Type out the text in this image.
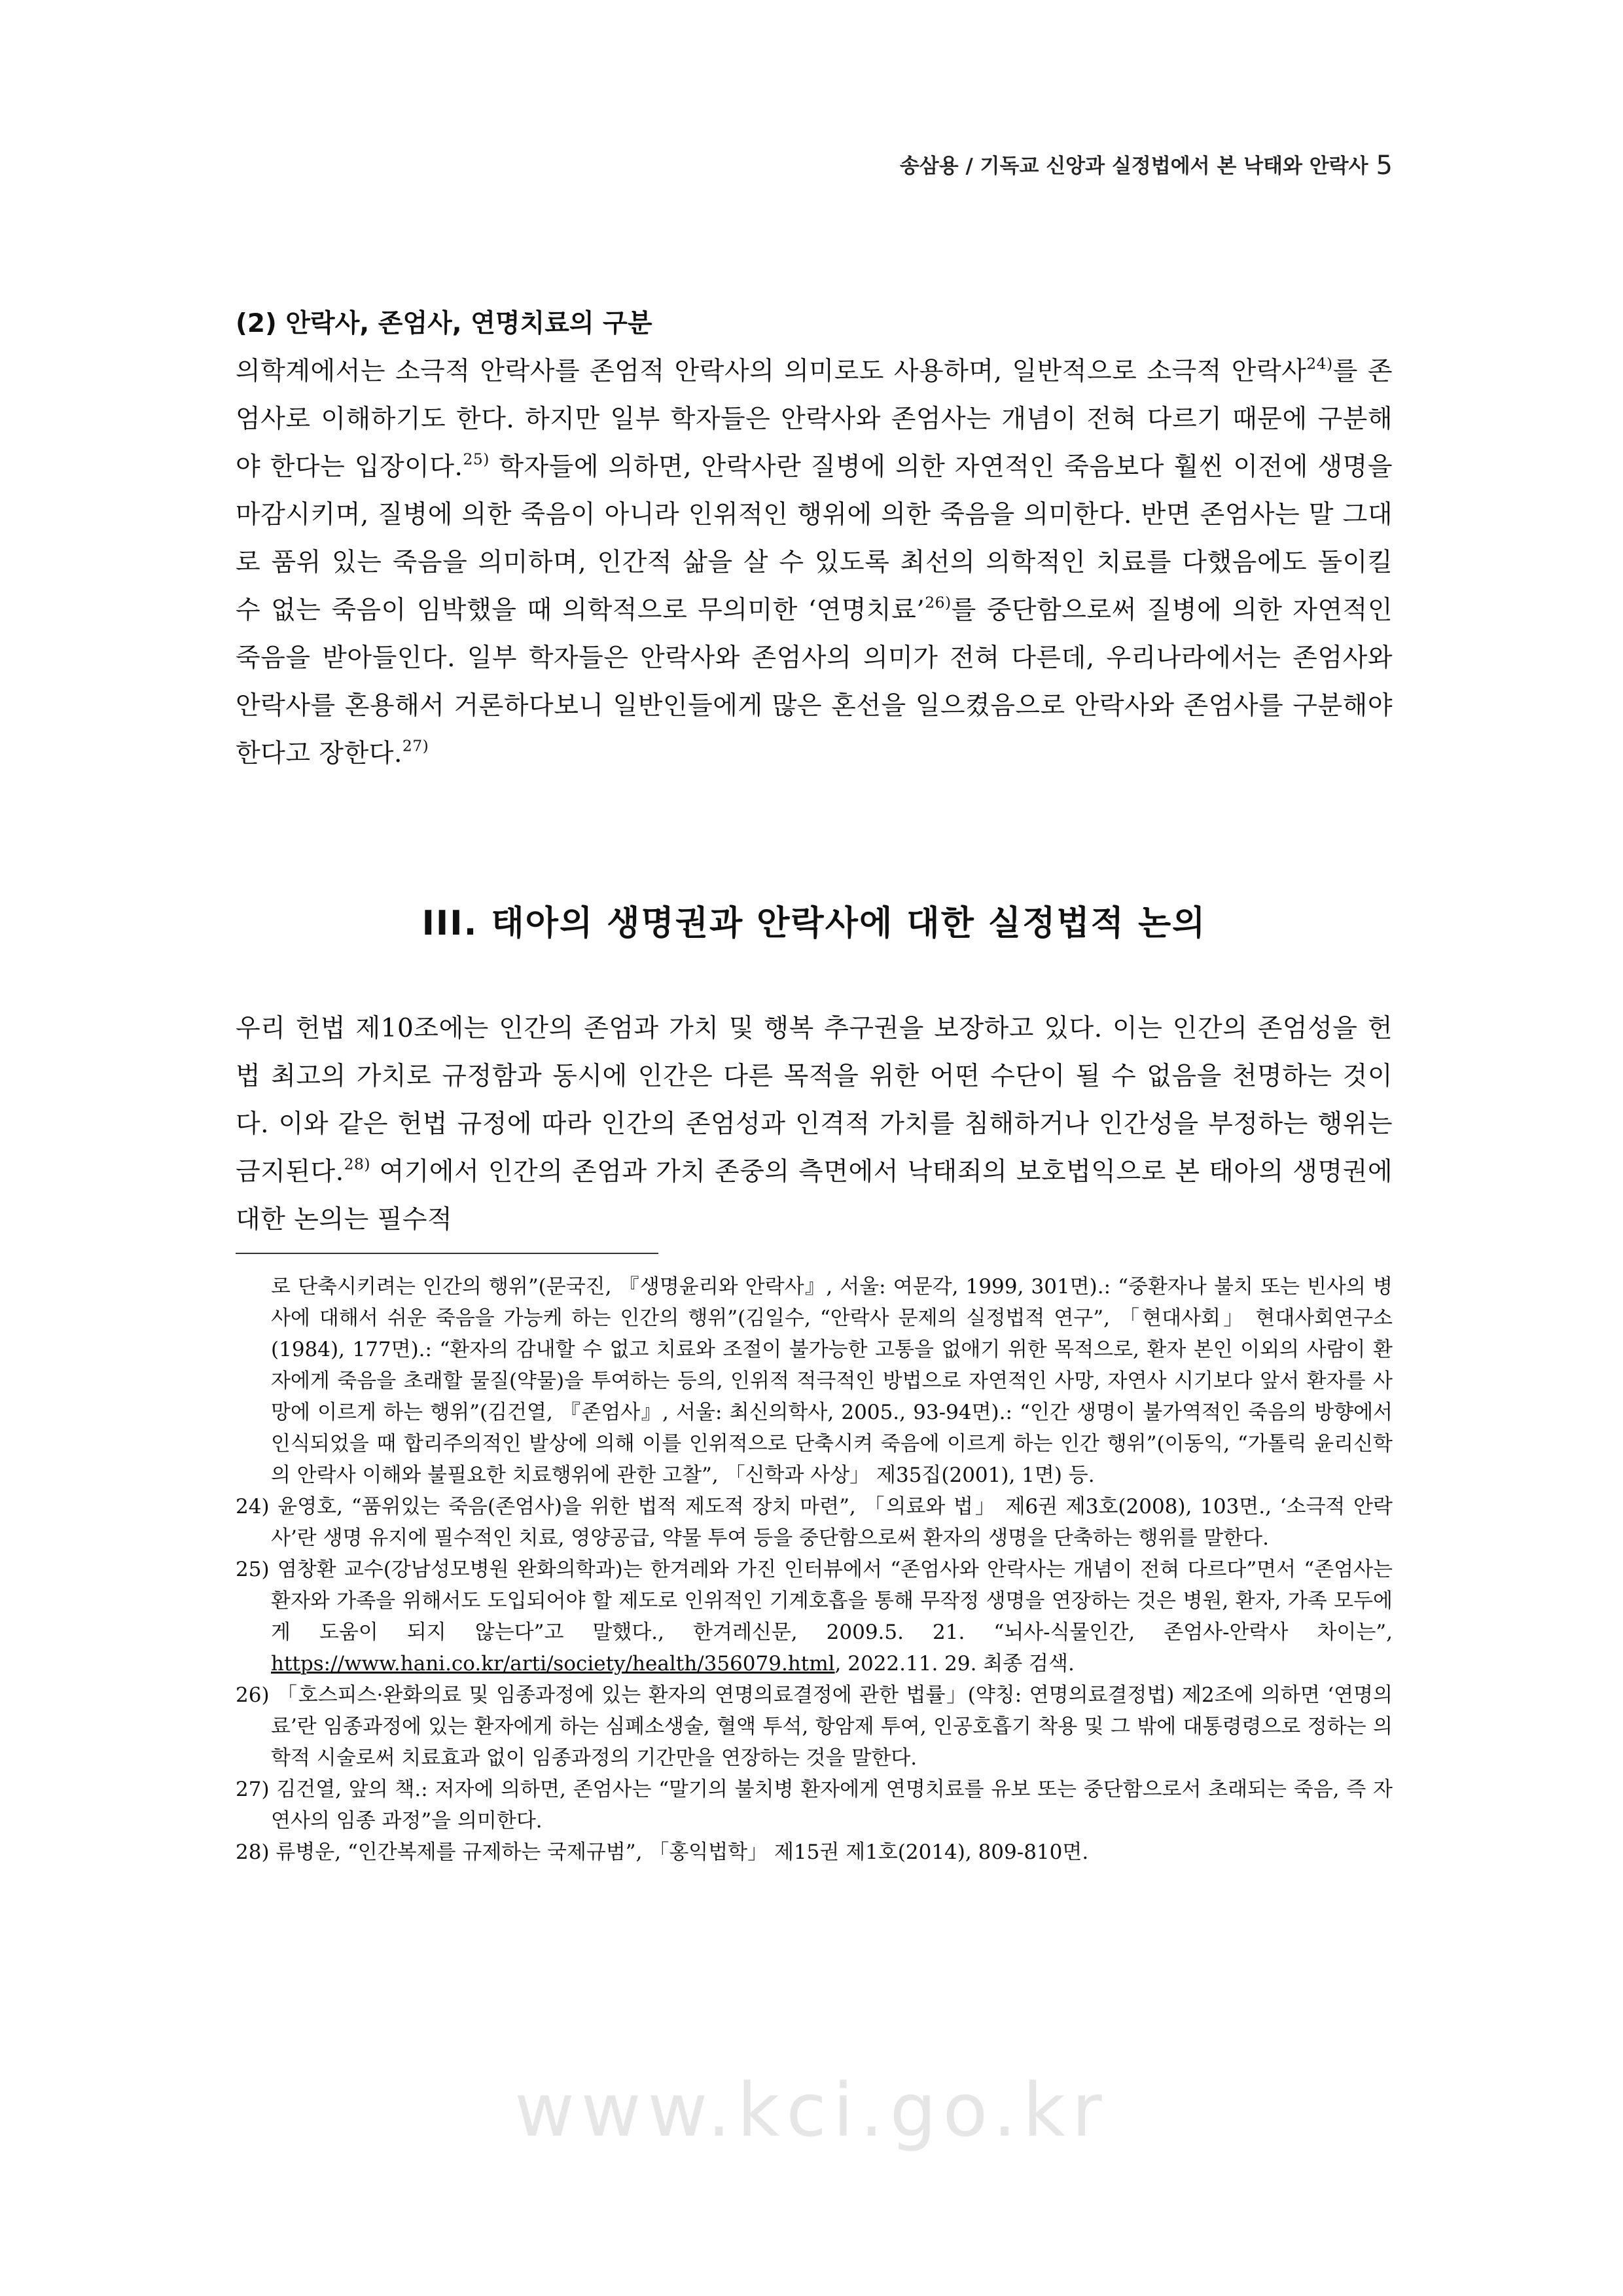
송삼용 / 기독교 신앙과 실정법에서 본 낙태와 안락사 5
(2) 안락사, 존엄사, 연명치료의 구분

의학계에서는 소극적 안락사를 존엄적 안락사의 의미로도 사용하며, 일반적으로 소극적 안락사$^{24)}$를 존엄사로 이해하기도 한다. 하지만 일부 학자들은 안락사와 존엄사는 개념이 전혀 다르기 때문에 구분해야 한다는 입장이다.$^{25)}$ 학자들에 의하면, 안락사란 질병에 의한 자연적인 죽음보다 훨씬 이전에 생명을 마감시키며, 질병에 의한 죽음이 아니라 인위적인 행위에 의한 죽음을 의미한다. 반면 존엄사는 말 그대로 품위 있는 죽음을 의미하며, 인간적 삶을 살 수 있도록 최선의 의학적인 치료를 다했음에도 돌이킬 수 없는 죽음이 임박했을 때 의학적으로 무의미한 ‘연명치료’$^{26)}$를 중단함으로써 질병에 의한 자연적인 죽음을 받아들인다. 일부 학자들은 안락사와 존엄사의 의미가 전혀 다른데, 우리나라에서는 존엄사와 안락사를 혼용해서 거론하다보니 일반인들에게 많은 혼선을 일으켰음으로 안락사와 존엄사를 구분해야 한다고 장한다.$^{27)}$

III. 태아의 생명권과 안락사에 대한 실정법적 논의

우리 헌법 제10조에는 인간의 존엄과 가치 및 행복 추구권을 보장하고 있다. 이는 인간의 존엄성을 헌법 최고의 가치로 규정함과 동시에 인간은 다른 목적을 위한 어떤 수단이 될 수 없음을 천명하는 것이다. 이와 같은 헌법 규정에 따라 인간의 존엄성과 인격적 가치를 침해하거나 인간성을 부정하는 행위는 금지된다.$^{28)}$ 여기에서 인간의 존엄과 가치 존중의 측면에서 낙태죄의 보호법익으로 본 태아의 생명권에 대한 논의는 필수적

로 단축시키려는 인간의 행위”(문국진, 『생명윤리와 안락사』, 서울: 여문각, 1999, 301면).: “중환자나 불치 또는 빈사의 병사에 대해서 쉬운 죽음을 가능케 하는 인간의 행위”(김일수, “안락사 문제의 실정법적 연구”, 「현대사회」 현대사회연구소(1984), 177면).: “환자의 감내할 수 없고 치료와 조절이 불가능한 고통을 없애기 위한 목적으로, 환자 본인 이외의 사람이 환자에게 죽음을 초래할 물질(약물)을 투여하는 등의, 인위적 적극적인 방법으로 자연적인 사망, 자연사 시기보다 앞서 환자를 사망에 이르게 하는 행위”(김건열, 『존엄사』, 서울: 최신의학사, 2005., 93-94면).: “인간 생명이 불가역적인 죽음의 방향에서 인식되었을 때 합리주의적인 발상에 의해 이를 인위적으로 단축시켜 죽음에 이르게 하는 인간 행위”(이동익, “가톨릭 윤리신학의 안락사 이해와 불필요한 치료행위에 관한 고찰”, 「신학과 사상」 제35집(2001), 1면) 등.

24) 윤영호, “품위있는 죽음(존엄사)을 위한 법적 제도적 장치 마련”, 「의료와 법」 제6권 제3호(2008), 103면., ‘소극적 안락사’란 생명 유지에 필수적인 치료, 영양공급, 약물 투여 등을 중단함으로써 환자의 생명을 단축하는 행위를 말한다.

25) 염창환 교수(강남성모병원 완화의학과)는 한겨레와 가진 인터뷰에서 “존엄사와 안락사는 개념이 전혀 다르다”면서 “존엄사는 환자와 가족을 위해서도 도입되어야 할 제도로 인위적인 기계호흡을 통해 무작정 생명을 연장하는 것은 병원, 환자, 가족 모두에게 도움이 되지 않는다”고 말했다., 한겨레신문, 2009.5. 21. “뇌사-식물인간, 존엄사-안락사 차이는”, https://www.hani.co.kr/arti/society/health/356079.html, 2022.11. 29. 최종 검색.

26) 「호스피스·완화의료 및 임종과정에 있는 환자의 연명의료결정에 관한 법률」(약칭: 연명의료결정법) 제2조에 의하면 ‘연명의료’란 임종과정에 있는 환자에게 하는 심폐소생술, 혈액 투석, 항암제 투여, 인공호흡기 착용 및 그 밖에 대통령령으로 정하는 의학적 시술로써 치료효과 없이 임종과정의 기간만을 연장하는 것을 말한다.

27) 김건열, 앞의 책.: 저자에 의하면, 존엄사는 “말기의 불치병 환자에게 연명치료를 유보 또는 중단함으로서 초래되는 죽음, 즉 자연사의 임종 과정”을 의미한다.

28) 류병운, “인간복제를 규제하는 국제규범”, 「홍익법학」 제15권 제1호(2014), 809-810면.

www.kci.go.kr
